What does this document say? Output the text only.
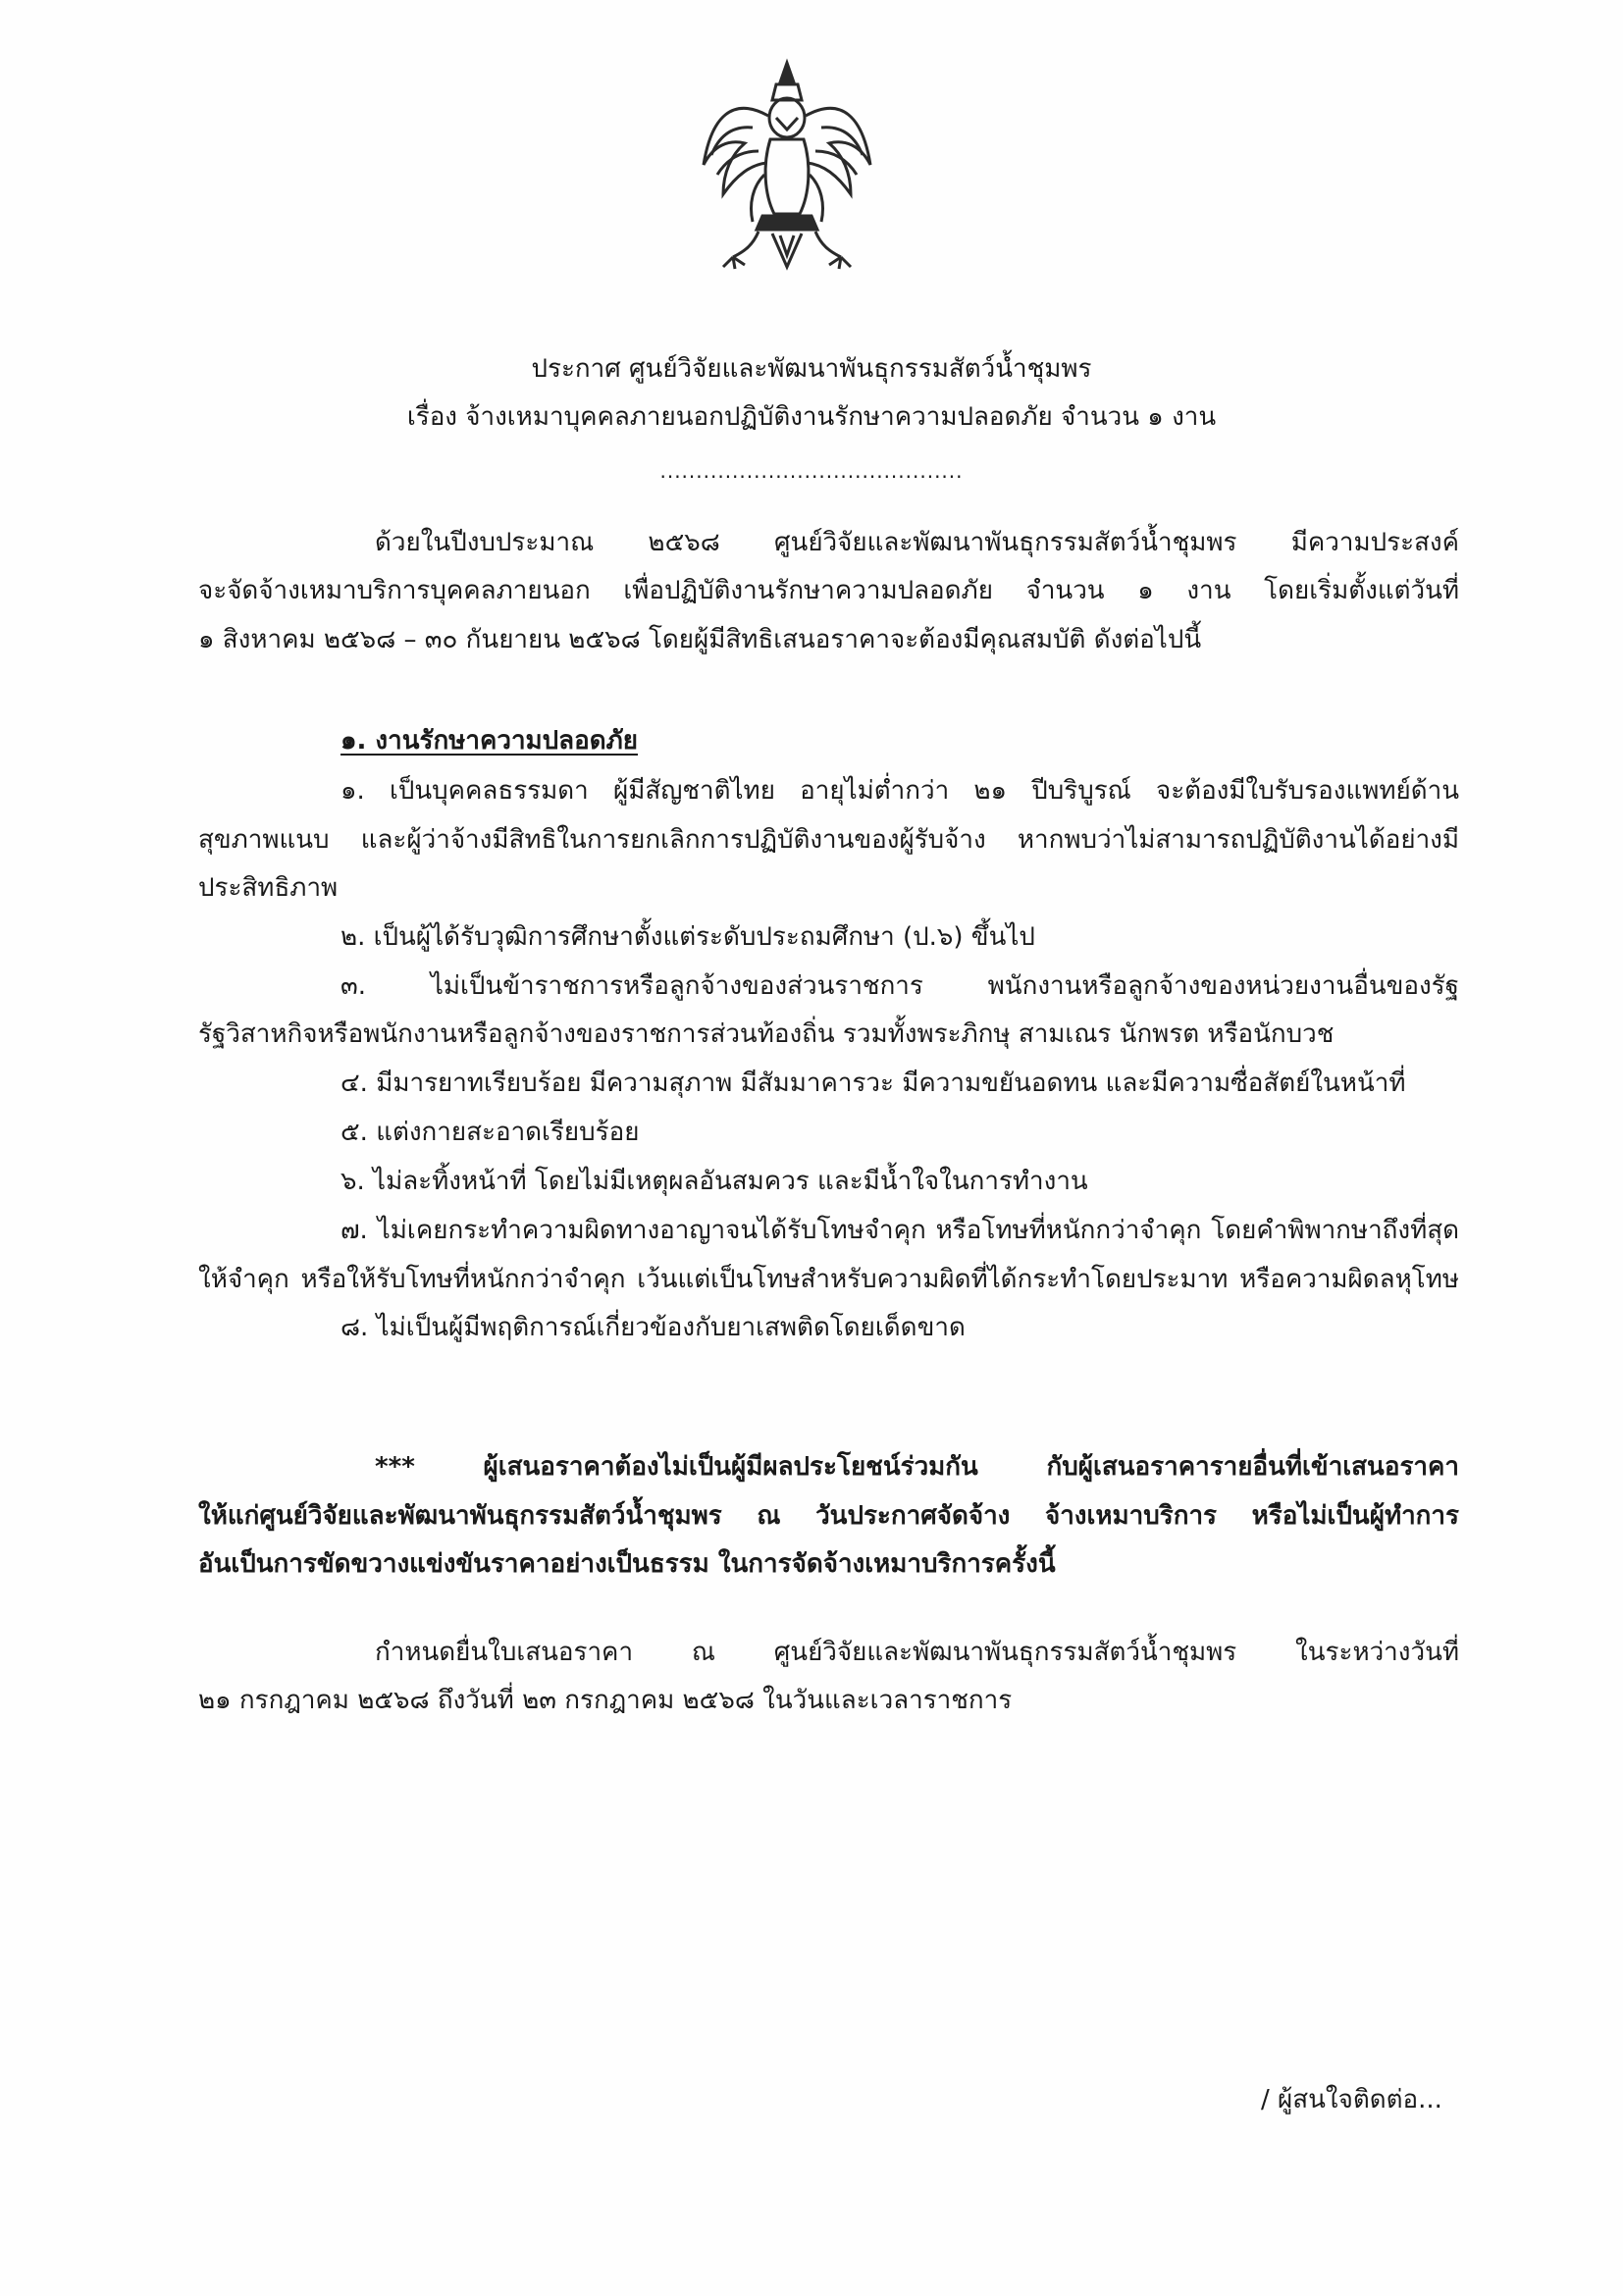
ประกาศ ศูนย์วิจัยและพัฒนาพันธุกรรมสัตว์น้ำชุมพร
เรื่อง จ้างเหมาบุคคลภายนอกปฏิบัติงานรักษาความปลอดภัย จำนวน ๑ งาน
..........................................
ด้วยในปีงบประมาณ ๒๕๖๘ ศูนย์วิจัยและพัฒนาพันธุกรรมสัตว์น้ำชุมพร มีความประสงค์
จะจัดจ้างเหมาบริการบุคคลภายนอก เพื่อปฏิบัติงานรักษาความปลอดภัย จำนวน ๑ งาน โดยเริ่มตั้งแต่วันที่
๑ สิงหาคม ๒๕๖๘ – ๓๐ กันยายน ๒๕๖๘ โดยผู้มีสิทธิเสนอราคาจะต้องมีคุณสมบัติ ดังต่อไปนี้
๑. งานรักษาความปลอดภัย
๑. เป็นบุคคลธรรมดา ผู้มีสัญชาติไทย อายุไม่ต่ำกว่า ๒๑ ปีบริบูรณ์ จะต้องมีใบรับรองแพทย์ด้าน
สุขภาพแนบ และผู้ว่าจ้างมีสิทธิในการยกเลิกการปฏิบัติงานของผู้รับจ้าง หากพบว่าไม่สามารถปฏิบัติงานได้อย่างมี
ประสิทธิภาพ
๒. เป็นผู้ได้รับวุฒิการศึกษาตั้งแต่ระดับประถมศึกษา (ป.๖) ขึ้นไป
๓. ไม่เป็นข้าราชการหรือลูกจ้างของส่วนราชการ พนักงานหรือลูกจ้างของหน่วยงานอื่นของรัฐ
รัฐวิสาหกิจหรือพนักงานหรือลูกจ้างของราชการส่วนท้องถิ่น รวมทั้งพระภิกษุ สามเณร นักพรต หรือนักบวช
๔. มีมารยาทเรียบร้อย มีความสุภาพ มีสัมมาคารวะ มีความขยันอดทน และมีความซื่อสัตย์ในหน้าที่
๕. แต่งกายสะอาดเรียบร้อย
๖. ไม่ละทิ้งหน้าที่ โดยไม่มีเหตุผลอันสมควร และมีน้ำใจในการทำงาน
๗. ไม่เคยกระทำความผิดทางอาญาจนได้รับโทษจำคุก หรือโทษที่หนักกว่าจำคุก โดยคำพิพากษาถึงที่สุด
ให้จำคุก หรือให้รับโทษที่หนักกว่าจำคุก เว้นแต่เป็นโทษสำหรับความผิดที่ได้กระทำโดยประมาท หรือความผิดลหุโทษ
๘. ไม่เป็นผู้มีพฤติการณ์เกี่ยวข้องกับยาเสพติดโดยเด็ดขาด
*** ผู้เสนอราคาต้องไม่เป็นผู้มีผลประโยชน์ร่วมกัน กับผู้เสนอราคารายอื่นที่เข้าเสนอราคา
ให้แก่ศูนย์วิจัยและพัฒนาพันธุกรรมสัตว์น้ำชุมพร ณ วันประกาศจัดจ้าง จ้างเหมาบริการ หรือไม่เป็นผู้ทำการ
อันเป็นการขัดขวางแข่งขันราคาอย่างเป็นธรรม ในการจัดจ้างเหมาบริการครั้งนี้
กำหนดยื่นใบเสนอราคา ณ ศูนย์วิจัยและพัฒนาพันธุกรรมสัตว์น้ำชุมพร ในระหว่างวันที่
๒๑ กรกฎาคม ๒๕๖๘ ถึงวันที่ ๒๓ กรกฎาคม ๒๕๖๘ ในวันและเวลาราชการ
/ ผู้สนใจติดต่อ...
